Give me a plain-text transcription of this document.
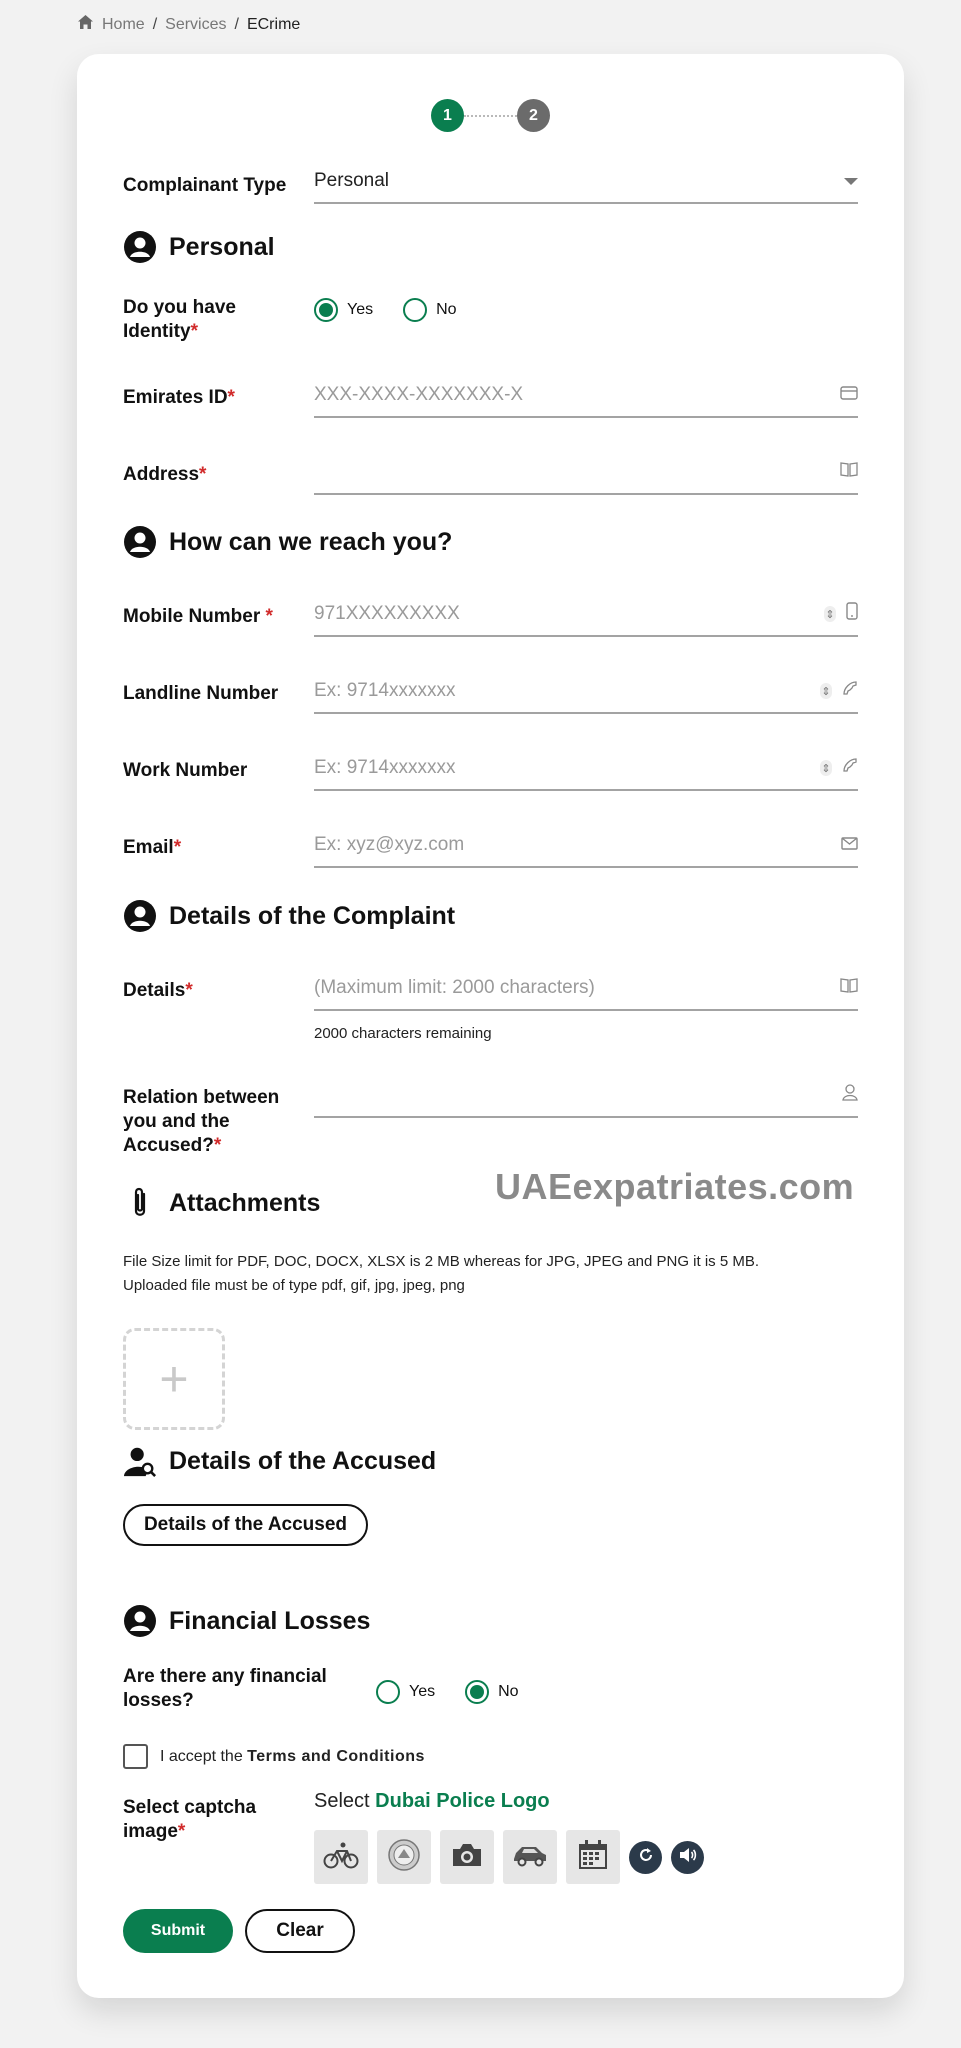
Home / Services / ECrime
1	2
Complainant Type Personal
Personal
Do you have Identity*
Yes	No
Emirates ID*	XXX-XXXX-XXXXXXX-X
Address*
How can we reach you?
Mobile Number * 971XXXXXXXXX	⇕
Landline Number Ex: 9714xxxxxxx	⇕
Work Number	Ex: 9714xxxxxxx	⇕
Email*	Ex: xyz@xyz.com
Details of the Complaint
Details*	(Maximum limit: 2000 characters)
2000 characters remaining
Relation between you and the Accused?*
Attachments	UAEexpatriates.com
File Size limit for PDF, DOC, DOCX, XLSX is 2 MB whereas for JPG, JPEG and PNG it is 5 MB.
Uploaded file must be of type pdf, gif, jpg, jpeg, png
+
Details of the Accused
Details of the Accused
Financial Losses
Are there any financial losses?	Yes	No
I accept the Terms and Conditions
Select captcha image*
Select Dubai Police Logo
Submit	Clear
